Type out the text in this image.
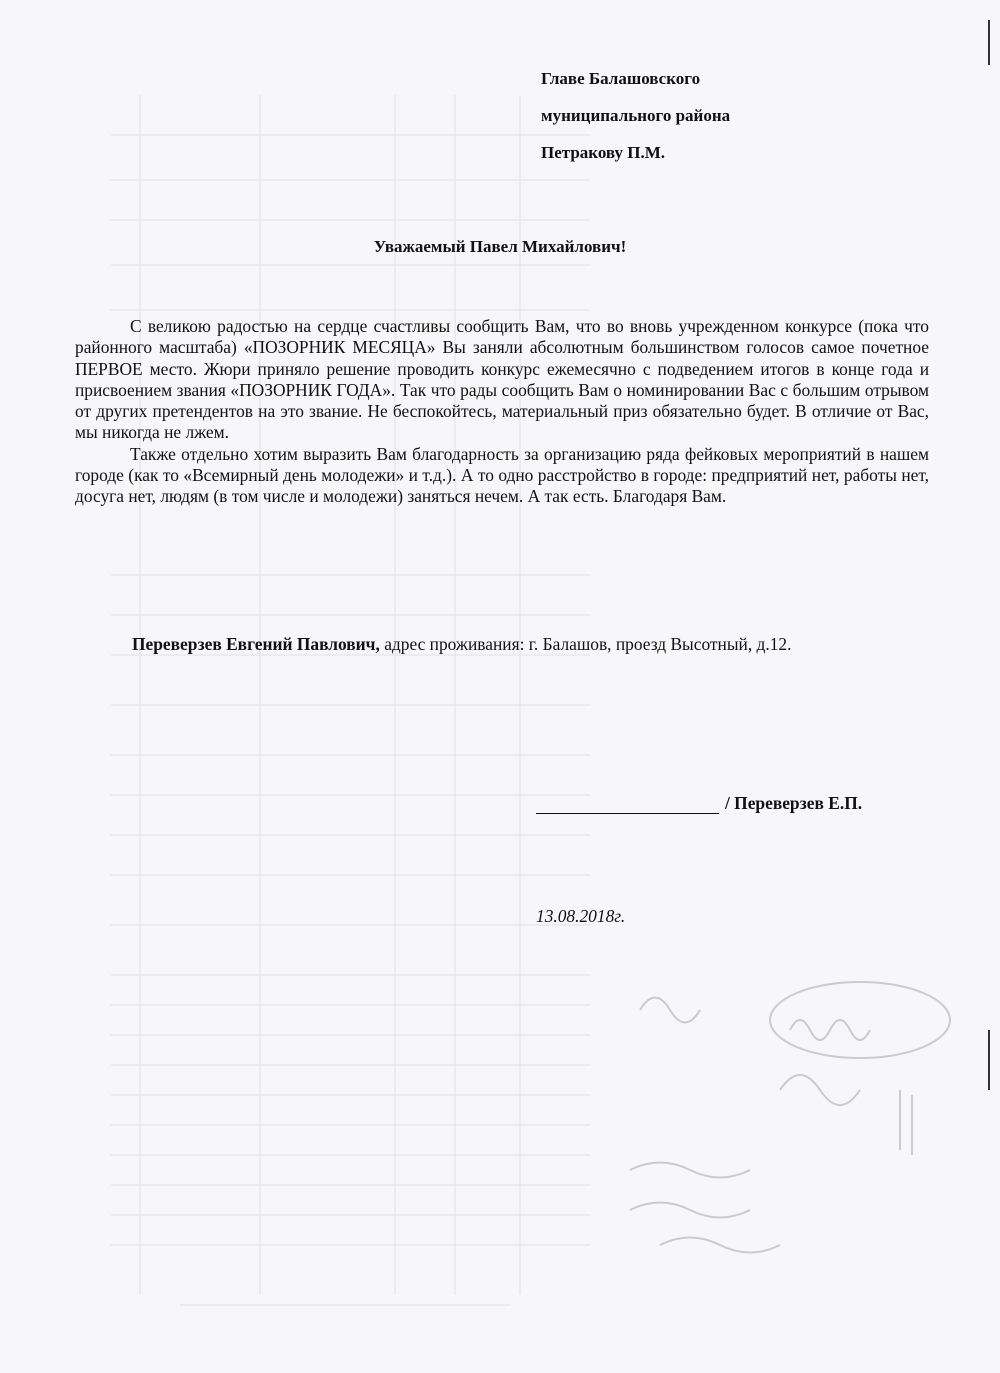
Главе Балашовского
муниципального района
Петракову П.М.
Уважаемый Павел Михайлович!

С великою радостью на сердце счастливы сообщить Вам, что во вновь учрежденном конкурсе (пока что районного масштаба) «ПОЗОРНИК МЕСЯЦА» Вы заняли абсолютным большинством голосов самое почетное ПЕРВОЕ место. Жюри приняло решение проводить конкурс ежемесячно с подведением итогов в конце года и присвоением звания «ПОЗОРНИК ГОДА». Так что рады сообщить Вам о номинировании Вас с большим отрывом от других претендентов на это звание. Не беспокойтесь, материальный приз обязательно будет. В отличие от Вас, мы никогда не лжем.

Также отдельно хотим выразить Вам благодарность за организацию ряда фейковых мероприятий в нашем городе (как то «Всемирный день молодежи» и т.д.). А то одно расстройство в городе: предприятий нет, работы нет, досуга нет, людям (в том числе и молодежи) заняться нечем. А так есть. Благодаря Вам.

Переверзев Евгений Павлович, адрес проживания: г. Балашов, проезд Высотный, д.12.
/ Переверзев Е.П.
13.08.2018г.
